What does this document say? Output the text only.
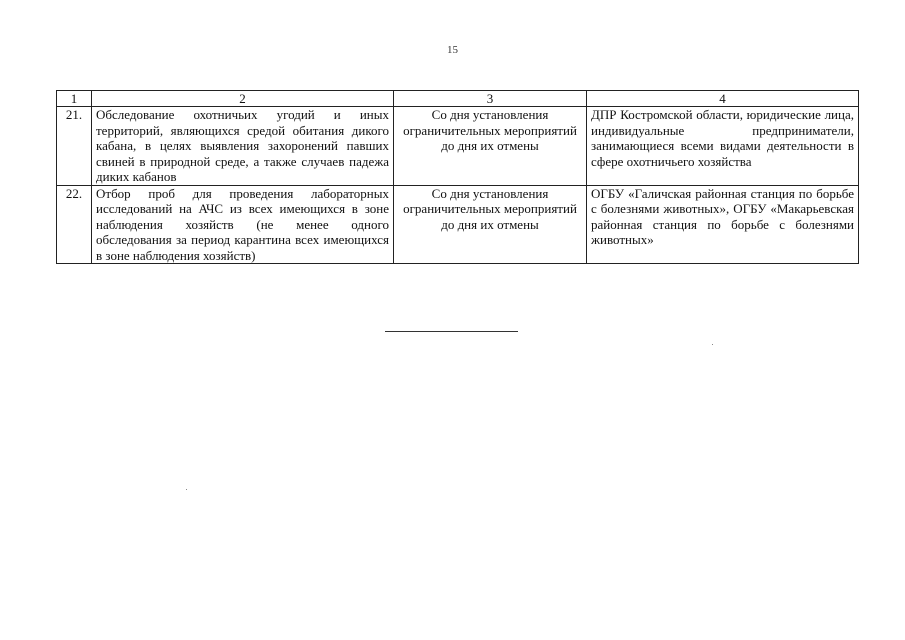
15
1	2	3	4
21.	Обследование охотничьих угодий и иных территорий, являющихся средой обитания дикого кабана, в целях выявления захоронений павших свиней в природной среде, а также случаев падежа диких кабанов	Со дня установления ограничительных мероприятий до дня их отмены	ДПР Костромской области, юридические лица, индивидуальные предприниматели, занимающиеся всеми видами деятельности в сфере охотничьего хозяйства
22.	Отбор проб для проведения лабораторных исследований на АЧС из всех имеющихся в зоне наблюдения хозяйств (не менее одного обследования за период карантина всех имеющихся в зоне наблюдения хозяйств)	Со дня установления ограничительных мероприятий до дня их отмены	ОГБУ «Галичская районная станция по борьбе с болезнями животных», ОГБУ «Макарьевская районная станция по борьбе с болезнями животных»
